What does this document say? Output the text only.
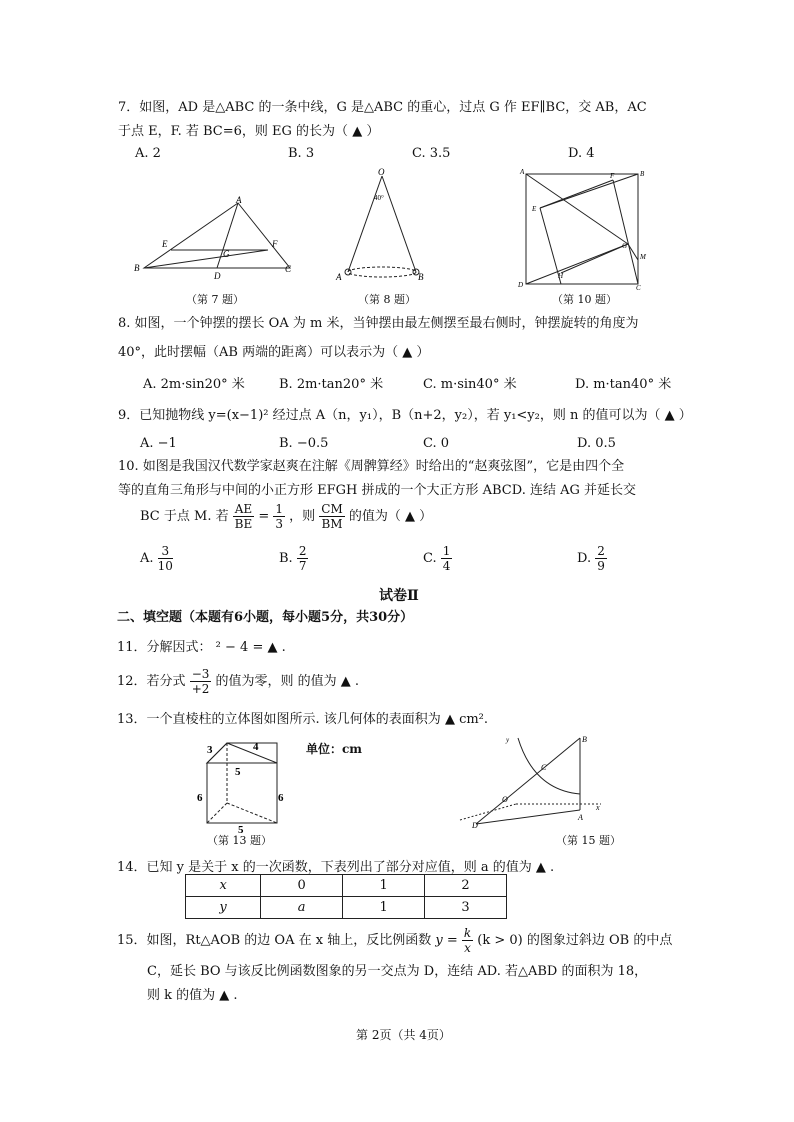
7．如图，AD 是△ABC 的一条中线，G 是△ABC 的重心，过点 G 作 EF∥BC，交 AB，AC
于点 E，F. 若 BC=6，则 EG 的长为（ ▲ ）
A. 2	B. 3	C. 3.5	D. 4
A
E
G
F
B
D
C
（第 7 题）
O
40°
A	B
（第 8 题）
A	B
F
E
G
M
H
D	C
（第 10 题）
8. 如图，一个钟摆的摆长 OA 为 m 米，当钟摆由最左侧摆至最右侧时，钟摆旋转的角度为
40°，此时摆幅（AB 两端的距离）可以表示为（ ▲ ）
A. 2m·sin20° 米	B. 2m·tan20° 米	C. m·sin40° 米	D. m·tan40° 米
9．已知抛物线 y=(x−1)² 经过点 A（n，y₁），B（n+2，y₂），若 y₁<y₂，则 n 的值可以为（ ▲ ）
A. −1	B. −0.5	C. 0	D. 0.5
10. 如图是我国汉代数学家赵爽在注解《周髀算经》时给出的“赵爽弦图”，它是由四个全
等的直角三角形与中间的小正方形 EFGH 拼成的一个大正方形 ABCD. 连结 AG 并延长交
BC 于点 M. 若 $\frac{AE}{BE} = \frac{1}{3}$ ，则 $\frac{CM}{BM}$ 的值为（ ▲ ）
A. $\frac{3}{10}$	B. $\frac{2}{7}$	C. $\frac{1}{4}$	D. $\frac{2}{9}$
试卷Ⅱ
二、填空题（本题有6小题，每小题5分，共30分）
11．分解因式： ² − 4 = ▲ .
12．若分式 $\frac{-3}{+2}$ 的值为零，则 的值为 ▲ .
13．一个直棱柱的立体图如图所示. 该几何体的表面积为 ▲ cm².
3	4
5
6	6
5
单位：cm
（第 13 题）
y	B
C
O
A
D
x
（第 15 题）
14．已知 y 是关于 x 的一次函数，下表列出了部分对应值，则 a 的值为 ▲ .
x	0	1	2
y	a	1	3
15．如图，Rt△AOB 的边 OA 在 x 轴上，反比例函数 $y = \frac{k}{x} (k > 0)$ 的图象过斜边 OB 的中点
C，延长 BO 与该反比例函数图象的另一交点为 D，连结 AD. 若△ABD 的面积为 18，
则 k 的值为 ▲ .
第 2页（共 4页）
